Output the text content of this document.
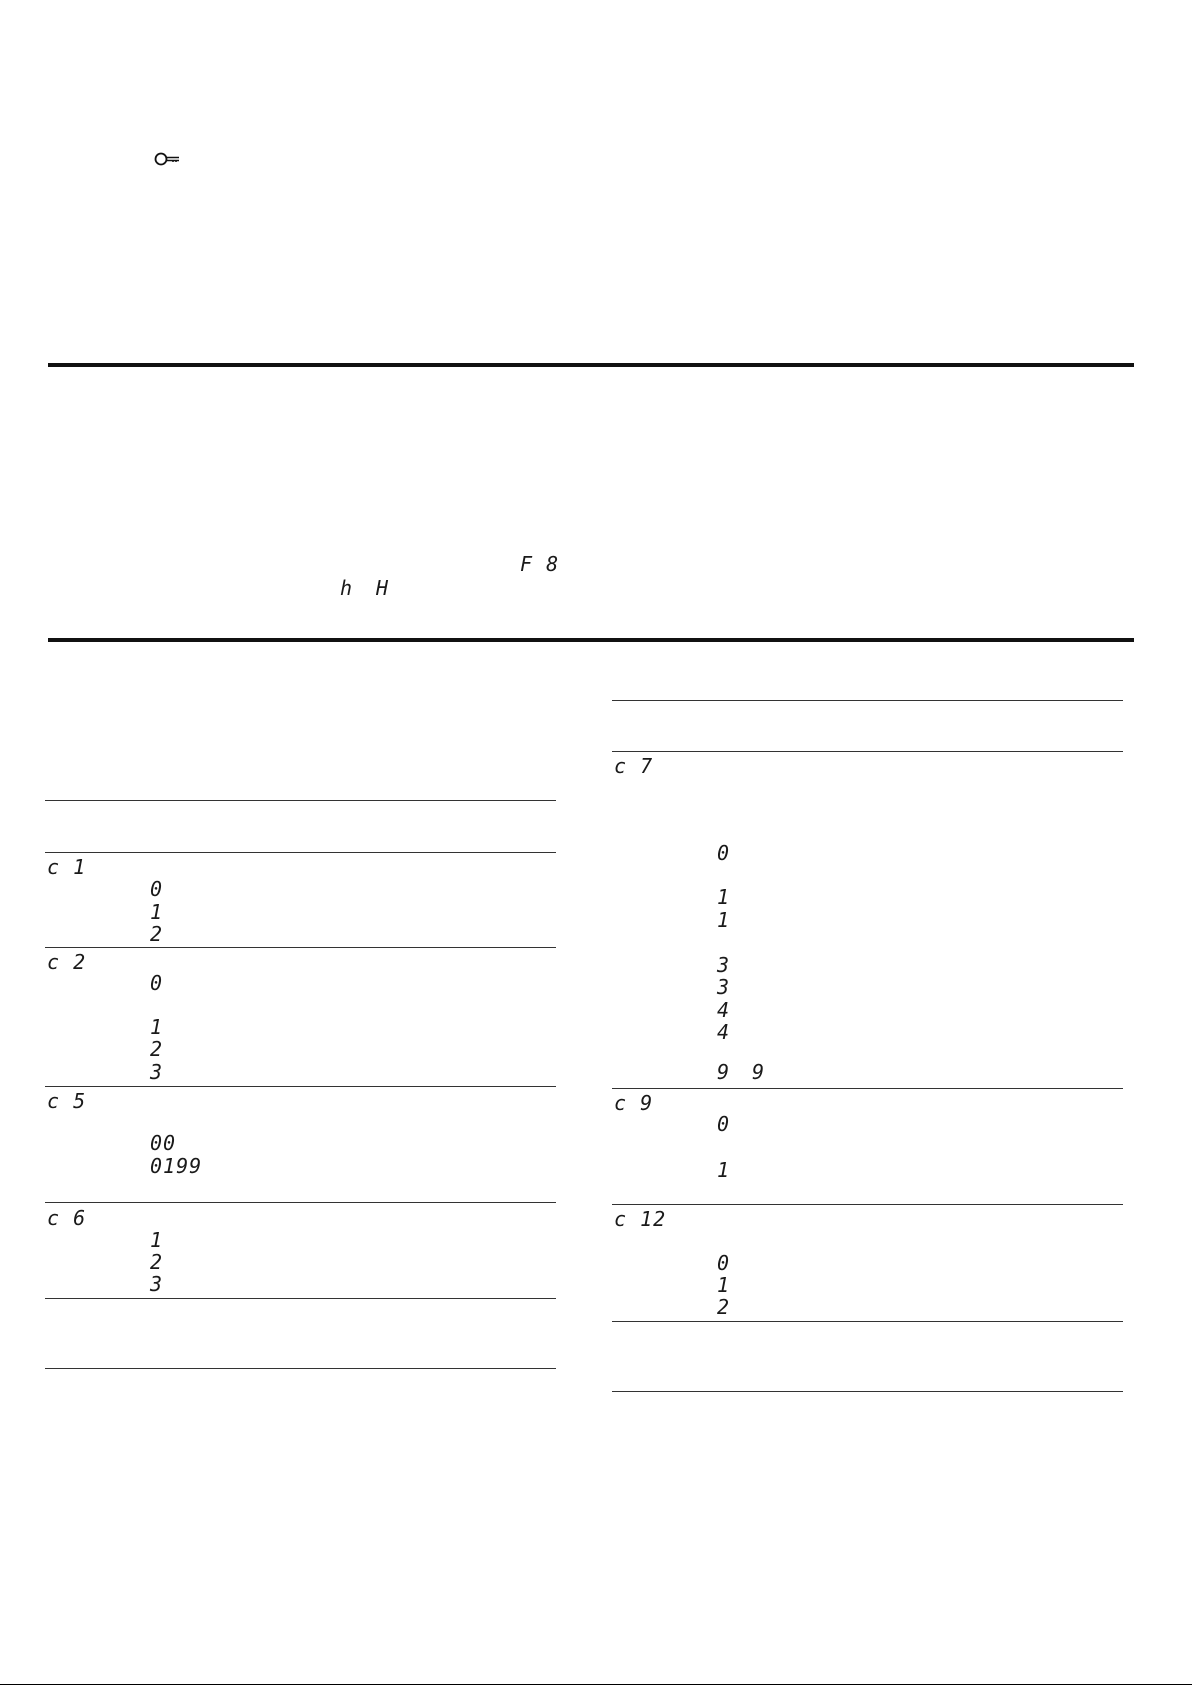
F 8
h H
c 1
0
1
2
c 2
0
1
2
3
c 5
00
0199
c 6
1
2
3
c 7
0
1
1
3
3
4
4
9 9
c 9
0
1
c 12
0
1
2
